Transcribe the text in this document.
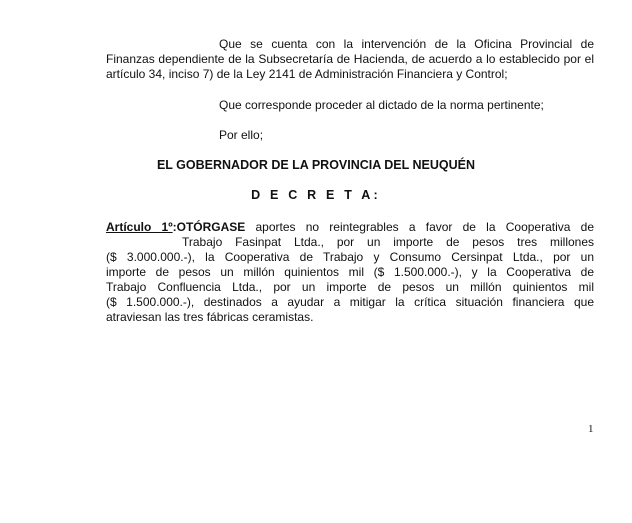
Que se cuenta con la intervención de la Oficina Provincial de Finanzas dependiente de la Subsecretaría de Hacienda, de acuerdo a lo establecido por el artículo 34, inciso 7) de la Ley 2141 de Administración Financiera y Control;

Que corresponde proceder al dictado de la norma pertinente;

Por ello;

EL GOBERNADOR DE LA PROVINCIA DEL NEUQUÉN

D E C R E T A:

Artículo 1º:OTÓRGASE aportes no reintegrables a favor de la Cooperativa de
Trabajo Fasinpat Ltda., por un importe de pesos tres millones
($ 3.000.000.-), la Cooperativa de Trabajo y Consumo Cersinpat Ltda., por un
importe de pesos un millón quinientos mil ($ 1.500.000.-), y la Cooperativa de
Trabajo Confluencia Ltda., por un importe de pesos un millón quinientos mil
($ 1.500.000.-), destinados a ayudar a mitigar la crítica situación financiera que
atraviesan las tres fábricas ceramistas.

1
